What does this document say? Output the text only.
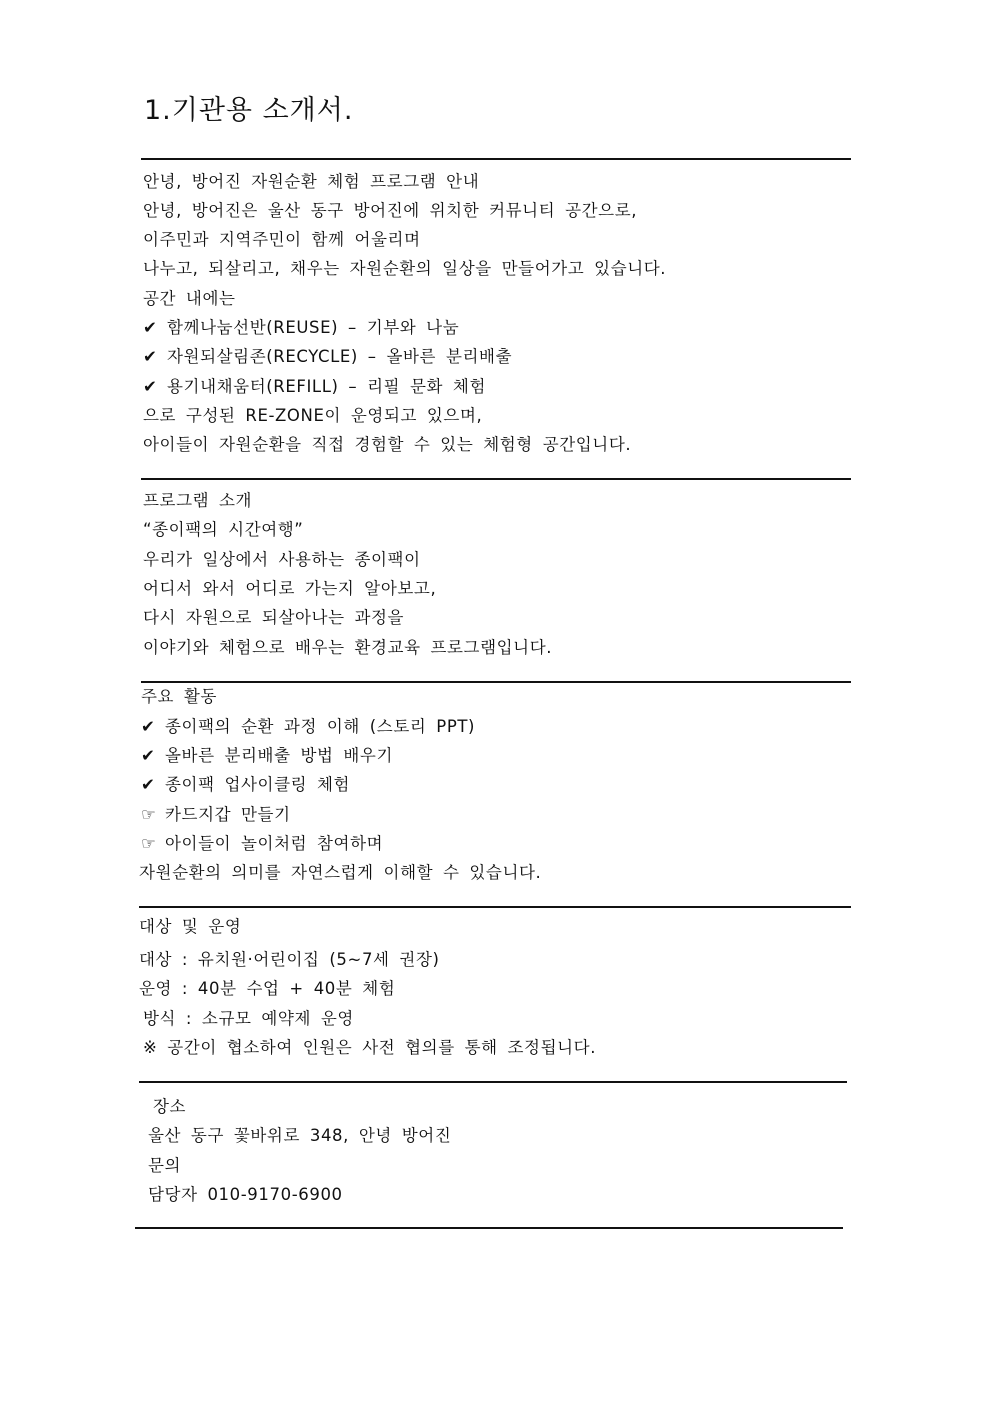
1.기관용 소개서.
안녕, 방어진 자원순환 체험 프로그램 안내
안녕, 방어진은 울산 동구 방어진에 위치한 커뮤니티 공간으로,
이주민과 지역주민이 함께 어울리며
나누고, 되살리고, 채우는 자원순환의 일상을 만들어가고 있습니다.
공간 내에는
✔ 함께나눔선반(REUSE) – 기부와 나눔
✔ 자원되살림존(RECYCLE) – 올바른 분리배출
✔ 용기내채움터(REFILL) – 리필 문화 체험
으로 구성된 RE-ZONE이 운영되고 있으며,
아이들이 자원순환을 직접 경험할 수 있는 체험형 공간입니다.
프로그램 소개
“종이팩의 시간여행”
우리가 일상에서 사용하는 종이팩이
어디서 와서 어디로 가는지 알아보고,
다시 자원으로 되살아나는 과정을
이야기와 체험으로 배우는 환경교육 프로그램입니다.
주요 활동
✔ 종이팩의 순환 과정 이해 (스토리 PPT)
✔ 올바른 분리배출 방법 배우기
✔ 종이팩 업사이클링 체험
☞ 카드지갑 만들기
☞ 아이들이 놀이처럼 참여하며
자원순환의 의미를 자연스럽게 이해할 수 있습니다.
대상 및 운영
대상 : 유치원·어린이집 (5~7세 권장)
운영 : 40분 수업 + 40분 체험
방식 : 소규모 예약제 운영
※ 공간이 협소하여 인원은 사전 협의를 통해 조정됩니다.
장소
울산 동구 꽃바위로 348, 안녕 방어진
문의
담당자 010-9170-6900
